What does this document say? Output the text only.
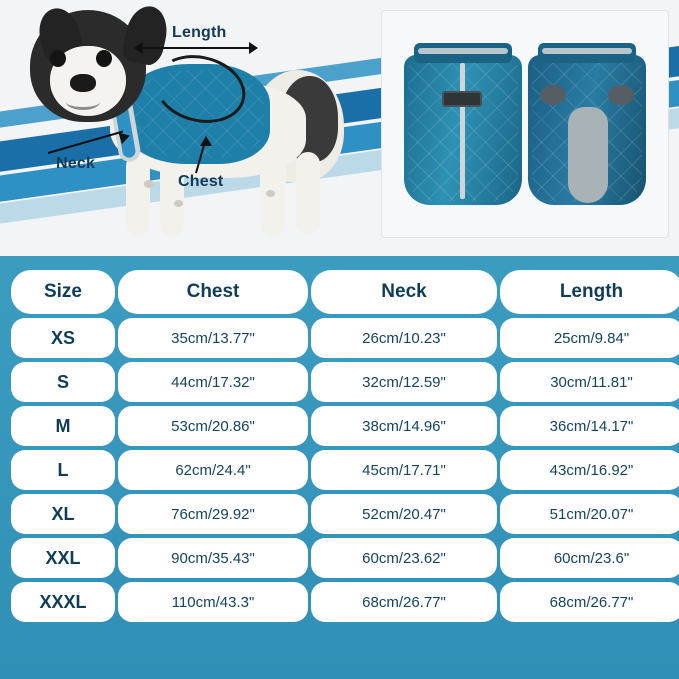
Length
Neck
Chest
Size	Chest	Neck	Length
XS	35cm/13.77"	26cm/10.23"	25cm/9.84"
S	44cm/17.32"	32cm/12.59"	30cm/11.81"
M	53cm/20.86"	38cm/14.96"	36cm/14.17"
L	62cm/24.4"	45cm/17.71"	43cm/16.92"
XL	76cm/29.92"	52cm/20.47"	51cm/20.07"
XXL	90cm/35.43"	60cm/23.62"	60cm/23.6"
XXXL	110cm/43.3"	68cm/26.77"	68cm/26.77"
